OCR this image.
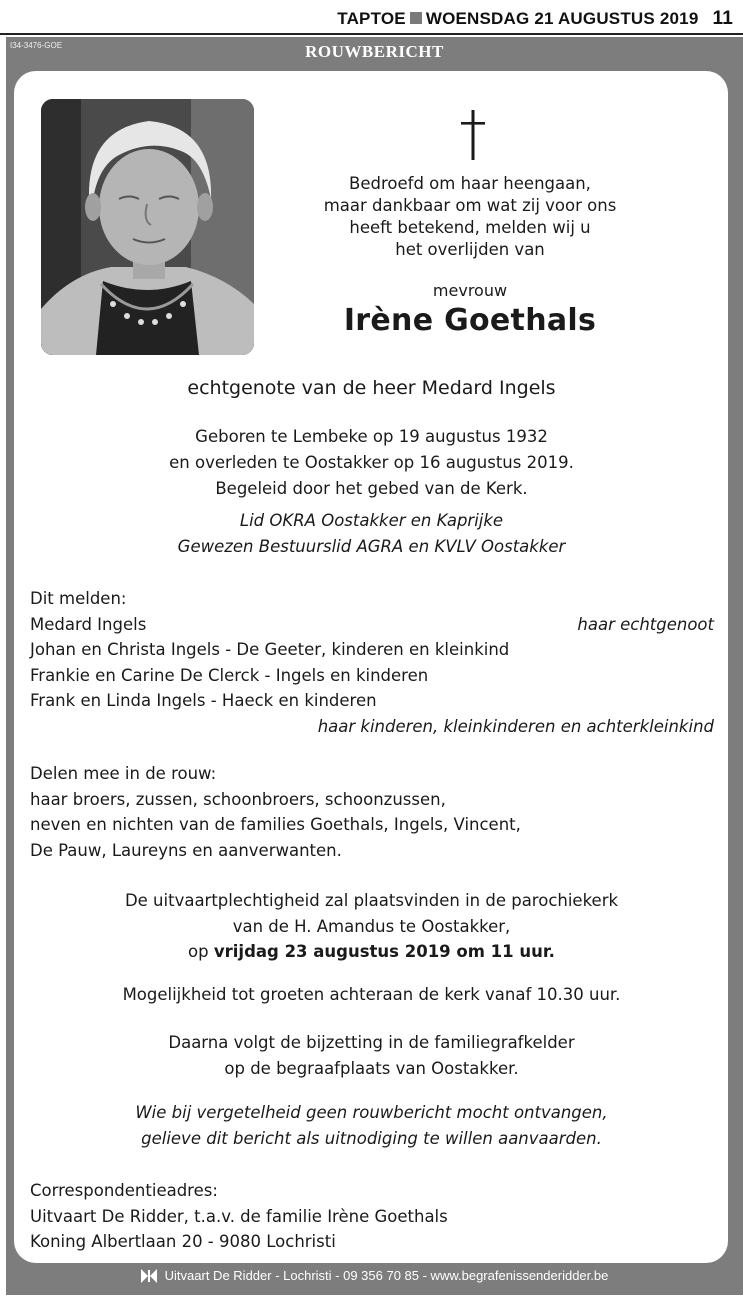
TAPTOE WOENSDAG 21 AUGUSTUS 2019 11
I34-3476-GOE	ROUWBERICHT
Bedroefd om haar heengaan,
maar dankbaar om wat zij voor ons
heeft betekend, melden wij u
het overlijden van
mevrouw
Irène Goethals
echtgenote van de heer Medard Ingels
Geboren te Lembeke op 19 augustus 1932
en overleden te Oostakker op 16 augustus 2019.
Begeleid door het gebed van de Kerk.
Lid OKRA Oostakker en Kaprijke
Gewezen Bestuurslid AGRA en KVLV Oostakker
Dit melden:
Medard Ingels	haar echtgenoot
Johan en Christa Ingels - De Geeter, kinderen en kleinkind
Frankie en Carine De Clerck - Ingels en kinderen
Frank en Linda Ingels - Haeck en kinderen
haar kinderen, kleinkinderen en achterkleinkind
Delen mee in de rouw:
haar broers, zussen, schoonbroers, schoonzussen,
neven en nichten van de families Goethals, Ingels, Vincent,
De Pauw, Laureyns en aanverwanten.
De uitvaartplechtigheid zal plaatsvinden in de parochiekerk
van de H. Amandus te Oostakker,
op vrijdag 23 augustus 2019 om 11 uur.
Mogelijkheid tot groeten achteraan de kerk vanaf 10.30 uur.
Daarna volgt de bijzetting in de familiegrafkelder
op de begraafplaats van Oostakker.
Wie bij vergetelheid geen rouwbericht mocht ontvangen,
gelieve dit bericht als uitnodiging te willen aanvaarden.
Correspondentieadres:
Uitvaart De Ridder, t.a.v. de familie Irène Goethals
Koning Albertlaan 20 - 9080 Lochristi
Uitvaart De Ridder - Lochristi - 09 356 70 85 - www.begrafenissenderidder.be
